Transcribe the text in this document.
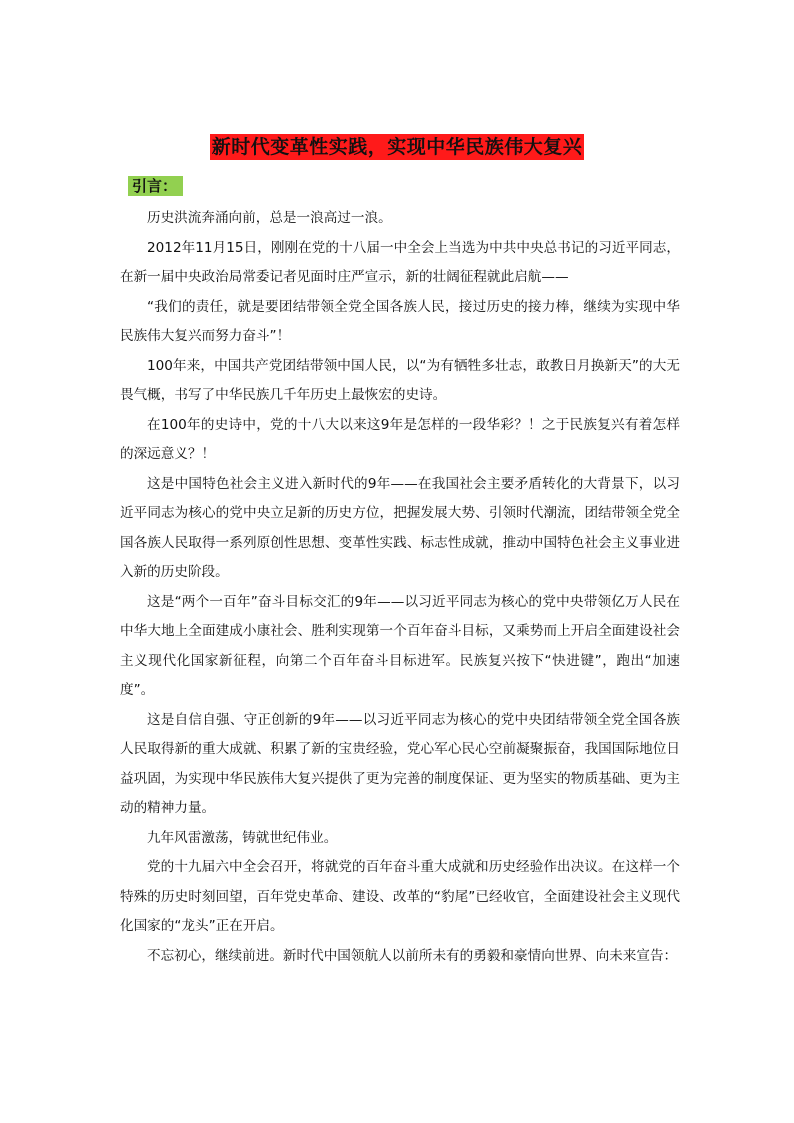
新时代变革性实践，实现中华民族伟大复兴
引言：

历史洪流奔涌向前，总是一浪高过一浪。

2012年11月15日，刚刚在党的十八届一中全会上当选为中共中央总书记的习近平同志，在新一届中央政治局常委记者见面时庄严宣示，新的壮阔征程就此启航——

“我们的责任，就是要团结带领全党全国各族人民，接过历史的接力棒，继续为实现中华民族伟大复兴而努力奋斗”！

100年来，中国共产党团结带领中国人民，以“为有牺牲多壮志，敢教日月换新天”的大无畏气概，书写了中华民族几千年历史上最恢宏的史诗。

在100年的史诗中，党的十八大以来这9年是怎样的一段华彩？！之于民族复兴有着怎样的深远意义？！

这是中国特色社会主义进入新时代的9年——在我国社会主要矛盾转化的大背景下，以习近平同志为核心的党中央立足新的历史方位，把握发展大势、引领时代潮流，团结带领全党全国各族人民取得一系列原创性思想、变革性实践、标志性成就，推动中国特色社会主义事业进入新的历史阶段。

这是“两个一百年”奋斗目标交汇的9年——以习近平同志为核心的党中央带领亿万人民在中华大地上全面建成小康社会、胜利实现第一个百年奋斗目标，又乘势而上开启全面建设社会主义现代化国家新征程，向第二个百年奋斗目标进军。民族复兴按下“快进键”，跑出“加速度”。

这是自信自强、守正创新的9年——以习近平同志为核心的党中央团结带领全党全国各族人民取得新的重大成就、积累了新的宝贵经验，党心军心民心空前凝聚振奋，我国国际地位日益巩固，为实现中华民族伟大复兴提供了更为完善的制度保证、更为坚实的物质基础、更为主动的精神力量。

九年风雷激荡，铸就世纪伟业。

党的十九届六中全会召开，将就党的百年奋斗重大成就和历史经验作出决议。在这样一个特殊的历史时刻回望，百年党史革命、建设、改革的“豹尾”已经收官，全面建设社会主义现代化国家的“龙头”正在开启。

不忘初心，继续前进。新时代中国领航人以前所未有的勇毅和豪情向世界、向未来宣告：
